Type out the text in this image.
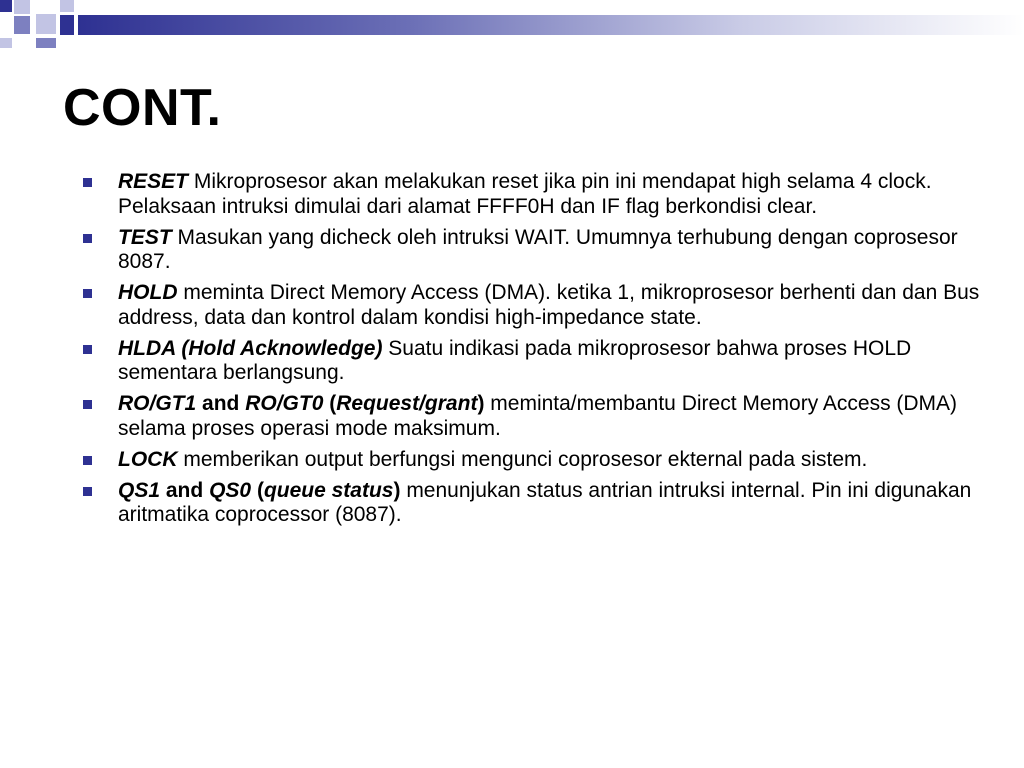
CONT.
RESET Mikroprosesor akan melakukan reset jika pin ini mendapat high selama 4 clock. Pelaksaan intruksi dimulai dari alamat FFFF0H dan IF flag berkondisi clear.
TEST Masukan yang dicheck oleh intruksi WAIT. Umumnya terhubung dengan coprosesor 8087.
HOLD meminta Direct Memory Access (DMA). ketika 1, mikroprosesor berhenti dan dan Bus address, data dan kontrol dalam kondisi high-impedance state.
HLDA (Hold Acknowledge) Suatu indikasi pada mikroprosesor bahwa proses HOLD sementara berlangsung.
RO/GT1 and RO/GT0 (Request/grant) meminta/membantu Direct Memory Access (DMA) selama proses operasi mode maksimum.
LOCK memberikan output berfungsi mengunci coprosesor ekternal pada sistem.
QS1 and QS0 (queue status) menunjukan status antrian intruksi internal. Pin ini digunakan aritmatika coprocessor (8087).
